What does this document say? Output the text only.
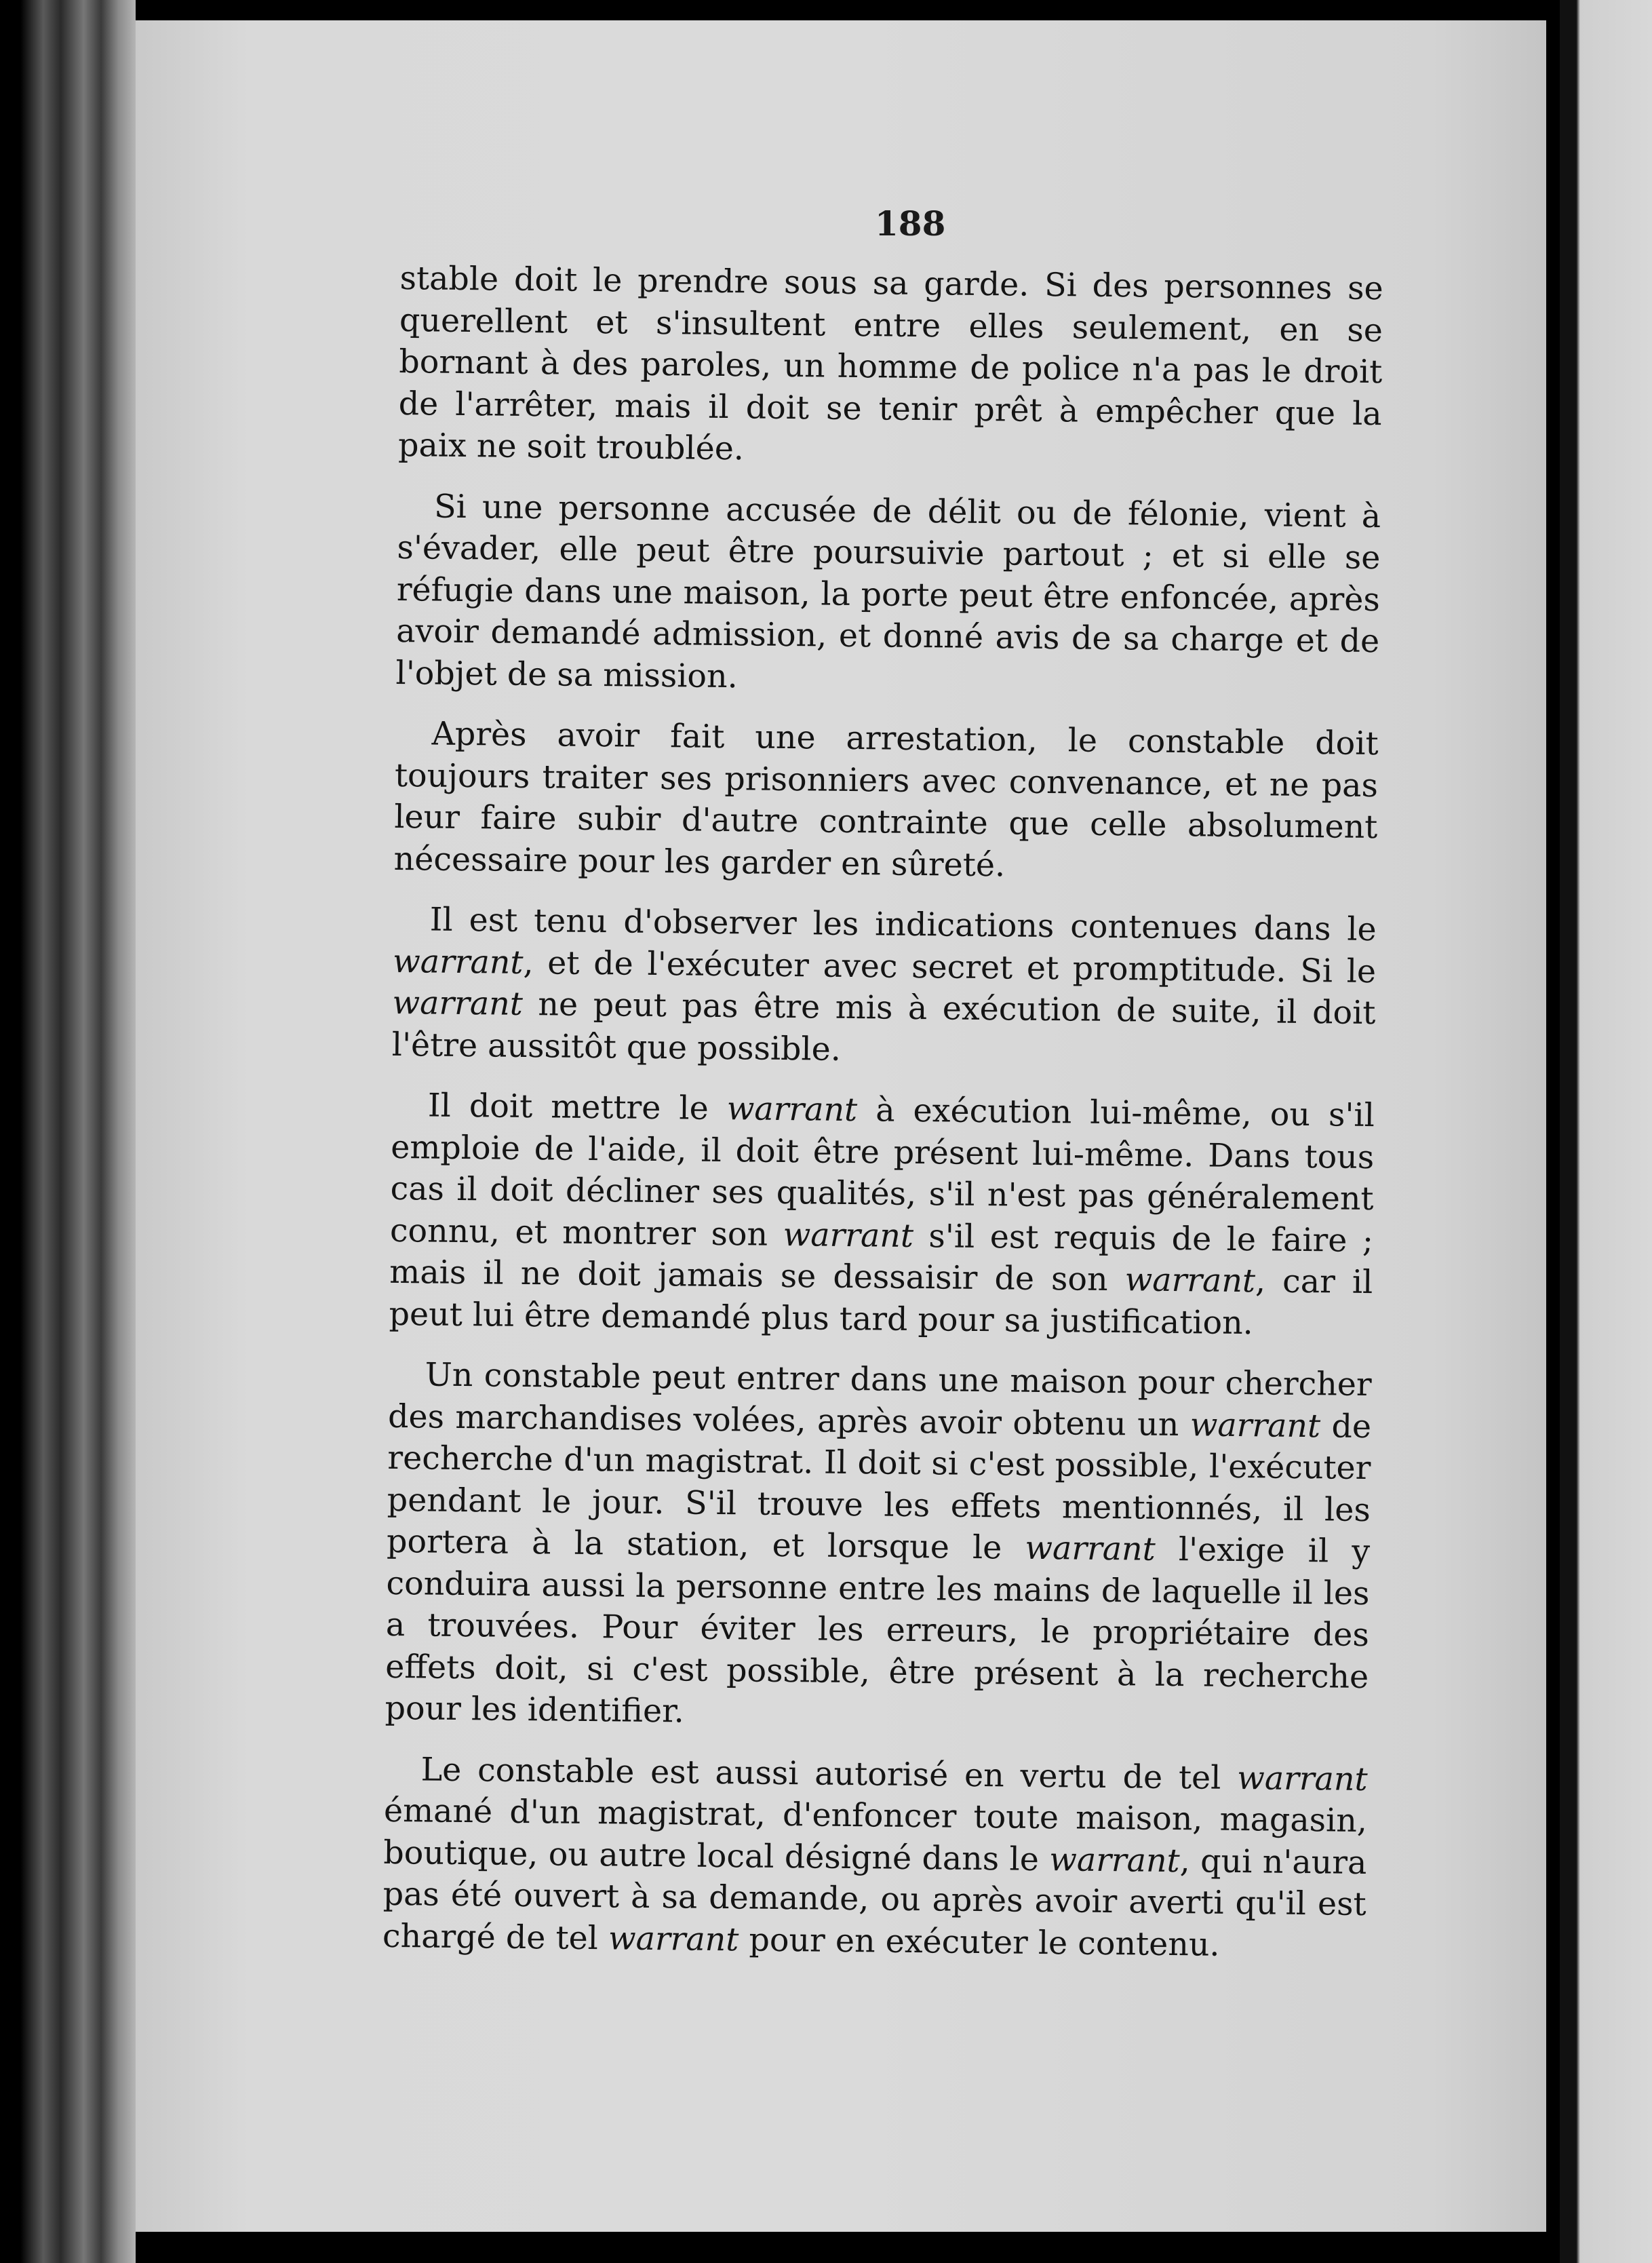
188

stable doit le prendre sous sa garde. Si des personnes se querellent et s'insultent entre elles seulement, en se bornant à des paroles, un homme de police n'a pas le droit de l'arrêter, mais il doit se tenir prêt à empêcher que la paix ne soit troublée.

Si une personne accusée de délit ou de félonie, vient à s'évader, elle peut être poursuivie partout ; et si elle se réfugie dans une maison, la porte peut être enfoncée, après avoir demandé admission, et donné avis de sa charge et de l'objet de sa mission.

Après avoir fait une arrestation, le constable doit toujours traiter ses prisonniers avec convenance, et ne pas leur faire subir d'autre contrainte que celle absolument nécessaire pour les garder en sûreté.

Il est tenu d'observer les indications contenues dans le warrant, et de l'exécuter avec secret et promptitude. Si le warrant ne peut pas être mis à exécution de suite, il doit l'être aussitôt que possible.

Il doit mettre le warrant à exécution lui-même, ou s'il emploie de l'aide, il doit être présent lui-même. Dans tous cas il doit décliner ses qualités, s'il n'est pas généralement connu, et montrer son warrant s'il est requis de le faire ; mais il ne doit jamais se dessaisir de son warrant, car il peut lui être demandé plus tard pour sa justification.

Un constable peut entrer dans une maison pour chercher des marchandises volées, après avoir obtenu un warrant de recherche d'un magistrat. Il doit si c'est possible, l'exécuter pendant le jour. S'il trouve les effets mentionnés, il les portera à la station, et lorsque le warrant l'exige il y conduira aussi la personne entre les mains de laquelle il les a trouvées. Pour éviter les erreurs, le propriétaire des effets doit, si c'est possible, être présent à la recherche pour les identifier.

Le constable est aussi autorisé en vertu de tel warrant émané d'un magistrat, d'enfoncer toute maison, magasin, boutique, ou autre local désigné dans le warrant, qui n'aura pas été ouvert à sa demande, ou après avoir averti qu'il est chargé de tel warrant pour en exécuter le contenu.
